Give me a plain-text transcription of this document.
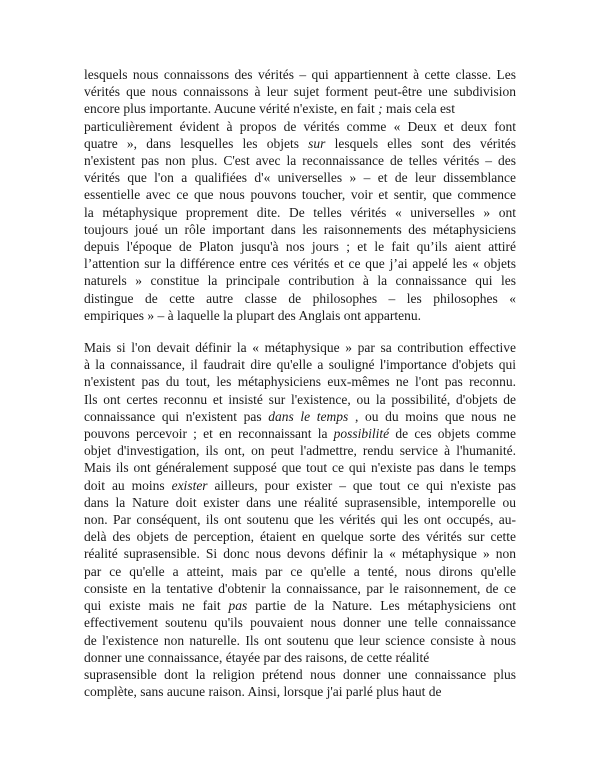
lesquels nous connaissons des vérités – qui appartiennent à cette classe. Les
vérités que nous connaissons à leur sujet forment peut-être une subdivision
encore plus importante. Aucune vérité n'existe, en fait ; mais cela est
particulièrement évident à propos de vérités comme « Deux et deux font
quatre », dans lesquelles les objets sur lesquels elles sont des vérités
n'existent pas non plus. C'est avec la reconnaissance de telles vérités – des
vérités que l'on a qualifiées d'« universelles » – et de leur dissemblance
essentielle avec ce que nous pouvons toucher, voir et sentir, que commence
la métaphysique proprement dite. De telles vérités « universelles » ont
toujours joué un rôle important dans les raisonnements des métaphysiciens
depuis l'époque de Platon jusqu'à nos jours ; et le fait qu’ils aient attiré
l’attention sur la différence entre ces vérités et ce que j’ai appelé les « objets
naturels » constitue la principale contribution à la connaissance qui les
distingue de cette autre classe de philosophes – les philosophes «
empiriques » – à laquelle la plupart des Anglais ont appartenu.
Mais si l'on devait définir la « métaphysique » par sa contribution effective
à la connaissance, il faudrait dire qu'elle a souligné l'importance d'objets qui
n'existent pas du tout, les métaphysiciens eux-mêmes ne l'ont pas reconnu.
Ils ont certes reconnu et insisté sur l'existence, ou la possibilité, d'objets de
connaissance qui n'existent pas dans le temps , ou du moins que nous ne
pouvons percevoir ; et en reconnaissant la possibilité de ces objets comme
objet d'investigation, ils ont, on peut l'admettre, rendu service à l'humanité.
Mais ils ont généralement supposé que tout ce qui n'existe pas dans le temps
doit au moins exister ailleurs, pour exister – que tout ce qui n'existe pas
dans la Nature doit exister dans une réalité suprasensible, intemporelle ou
non. Par conséquent, ils ont soutenu que les vérités qui les ont occupés, au-
delà des objets de perception, étaient en quelque sorte des vérités sur cette
réalité suprasensible. Si donc nous devons définir la « métaphysique » non
par ce qu'elle a atteint, mais par ce qu'elle a tenté, nous dirons qu'elle
consiste en la tentative d'obtenir la connaissance, par le raisonnement, de ce
qui existe mais ne fait pas partie de la Nature. Les métaphysiciens ont
effectivement soutenu qu'ils pouvaient nous donner une telle connaissance
de l'existence non naturelle. Ils ont soutenu que leur science consiste à nous
donner une connaissance, étayée par des raisons, de cette réalité
suprasensible dont la religion prétend nous donner une connaissance plus
complète, sans aucune raison. Ainsi, lorsque j'ai parlé plus haut de
